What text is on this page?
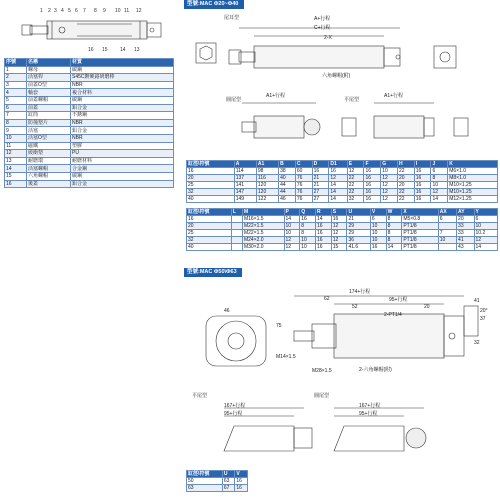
1 2 3 4 5 6 7 8 9 10 11 12
16 15 14 13
序號	名稱	材質
1	螺母	碳鋼
2	活塞桿	S45C鍍硬鉻研磨棒
3	前蓋O型	NBR
4	軸套	複合材料
5	前蓋螺帽	碳鋼
6	前蓋	鋁合金
7	缸筒	不銹鋼
8	防撞墊片	NBR
9	活塞	鋁合金
10	活塞O型	NBR
11	磁鐵	塑膠
12	緩衝墊	PU
13	耐磨環	耐磨材料
14	活塞螺帽	合金鋼
15	六角螺帽	碳鋼
16	後蓋	鋁合金
型號:MAC Φ20~Φ40
尾耳型	A+行程
C+行程
2-X
六角螺帽(附)
圓尾型
A1+行程
平尾型
A1+行程
缸徑\符號	A	A1	B	C	D	D1	E	F	G	H	I	J	K
16	114	98	38	60	16	16	12	16	10	22	16	6	M6×1.0
20	137	116	40	76	21	12	22	16	12	20	16	8	M8×1.0
25	141	120	44	76	21	14	22	16	12	20	16	10	M10×1.25
32	147	120	44	76	27	14	22	16	12	22	16	12	M10×1.25
40	149	122	46	76	27	14	32	16	12	22	16	14	M12×1.25
缸徑\符號	L	M	P	Q	R	S	U	V	W	X	AX	AY	Y
16		M16×1.5	14	16	14	16	21	6	8	M5×0.8	6	20	6
20		M22×1.5	10	8	16	12	29	10	8	PT1/8		33	10
25		M22×1.5	10	8	16	12	29	10	8	PT1/8	7	33	10.2
32		M24×2.0	12	10	16	12	36	10	8	PT1/8	10	41	12
40		M30×2.0	12	10	16	15	41.6	16	14	PT1/8		43	14
型號:MAC Φ50\Φ63
46
75
174+行程
95+行程
62
52	20
41
20°
37
2-PT1/4
32
M14×1.5
M28×1.5	2-六角螺帽(附)
平尾型
167+行程
95+行程
圓尾型
167+行程
95+行程
缸徑\符號	U	V
50	63	16
63	67	16
